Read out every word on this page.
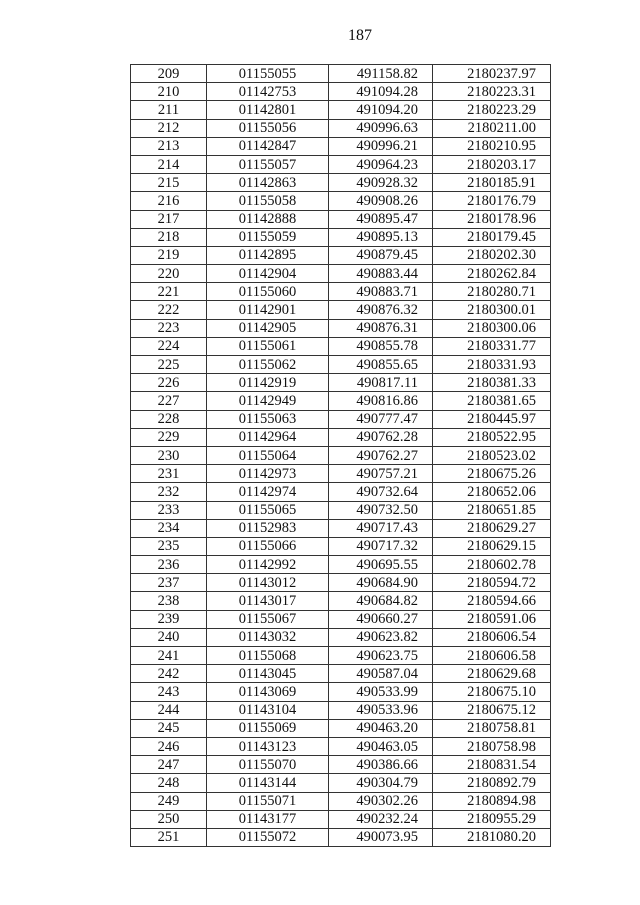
187
209	01155055	491158.82	2180237.97
210	01142753	491094.28	2180223.31
211	01142801	491094.20	2180223.29
212	01155056	490996.63	2180211.00
213	01142847	490996.21	2180210.95
214	01155057	490964.23	2180203.17
215	01142863	490928.32	2180185.91
216	01155058	490908.26	2180176.79
217	01142888	490895.47	2180178.96
218	01155059	490895.13	2180179.45
219	01142895	490879.45	2180202.30
220	01142904	490883.44	2180262.84
221	01155060	490883.71	2180280.71
222	01142901	490876.32	2180300.01
223	01142905	490876.31	2180300.06
224	01155061	490855.78	2180331.77
225	01155062	490855.65	2180331.93
226	01142919	490817.11	2180381.33
227	01142949	490816.86	2180381.65
228	01155063	490777.47	2180445.97
229	01142964	490762.28	2180522.95
230	01155064	490762.27	2180523.02
231	01142973	490757.21	2180675.26
232	01142974	490732.64	2180652.06
233	01155065	490732.50	2180651.85
234	01152983	490717.43	2180629.27
235	01155066	490717.32	2180629.15
236	01142992	490695.55	2180602.78
237	01143012	490684.90	2180594.72
238	01143017	490684.82	2180594.66
239	01155067	490660.27	2180591.06
240	01143032	490623.82	2180606.54
241	01155068	490623.75	2180606.58
242	01143045	490587.04	2180629.68
243	01143069	490533.99	2180675.10
244	01143104	490533.96	2180675.12
245	01155069	490463.20	2180758.81
246	01143123	490463.05	2180758.98
247	01155070	490386.66	2180831.54
248	01143144	490304.79	2180892.79
249	01155071	490302.26	2180894.98
250	01143177	490232.24	2180955.29
251	01155072	490073.95	2181080.20
